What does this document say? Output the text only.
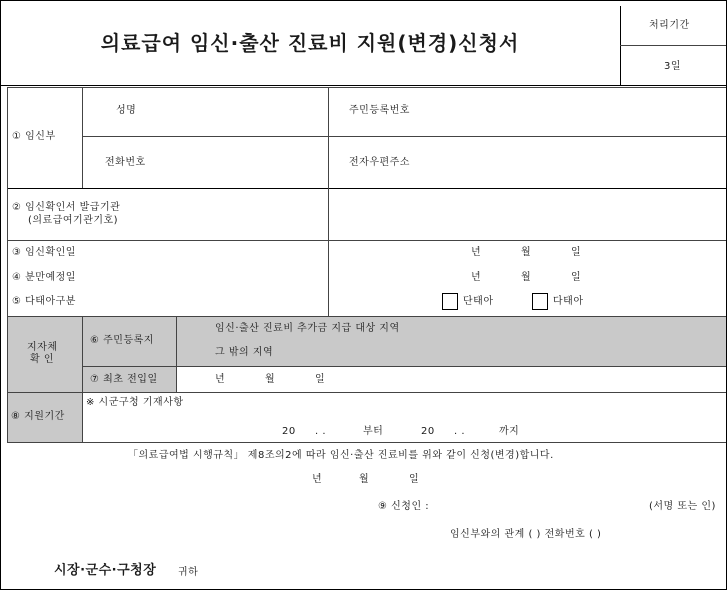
의료급여 임신·출산 진료비 지원(변경)신청서
처리기간
3일
① 임신부
성명	주민등록번호
전화번호	전자우편주소
② 임신확인서 발급기관
(의료급여기관기호)
③ 임신확인일	년	월	일
④ 분만예정일	년	월	일
⑤ 다태아구분	단태아	다태아
지자체
확 인
⑥ 주민등록지
임신·출산 진료비 추가금 지급 대상 지역
그 밖의 지역
⑦ 최초 전입일	년	월	일
⑧ 지원기간
※ 시군구청 기재사항
20 . .	부터	20 . .	까지
「의료급여법 시행규칙」 제8조의2에 따라 임신·출산 진료비를 위와 같이 신청(변경)합니다.
년	월	일
⑨ 신청인 :	(서명 또는 인)
임신부와의 관계 ( ) 전화번호 ( )
시장·군수·구청장 귀하
